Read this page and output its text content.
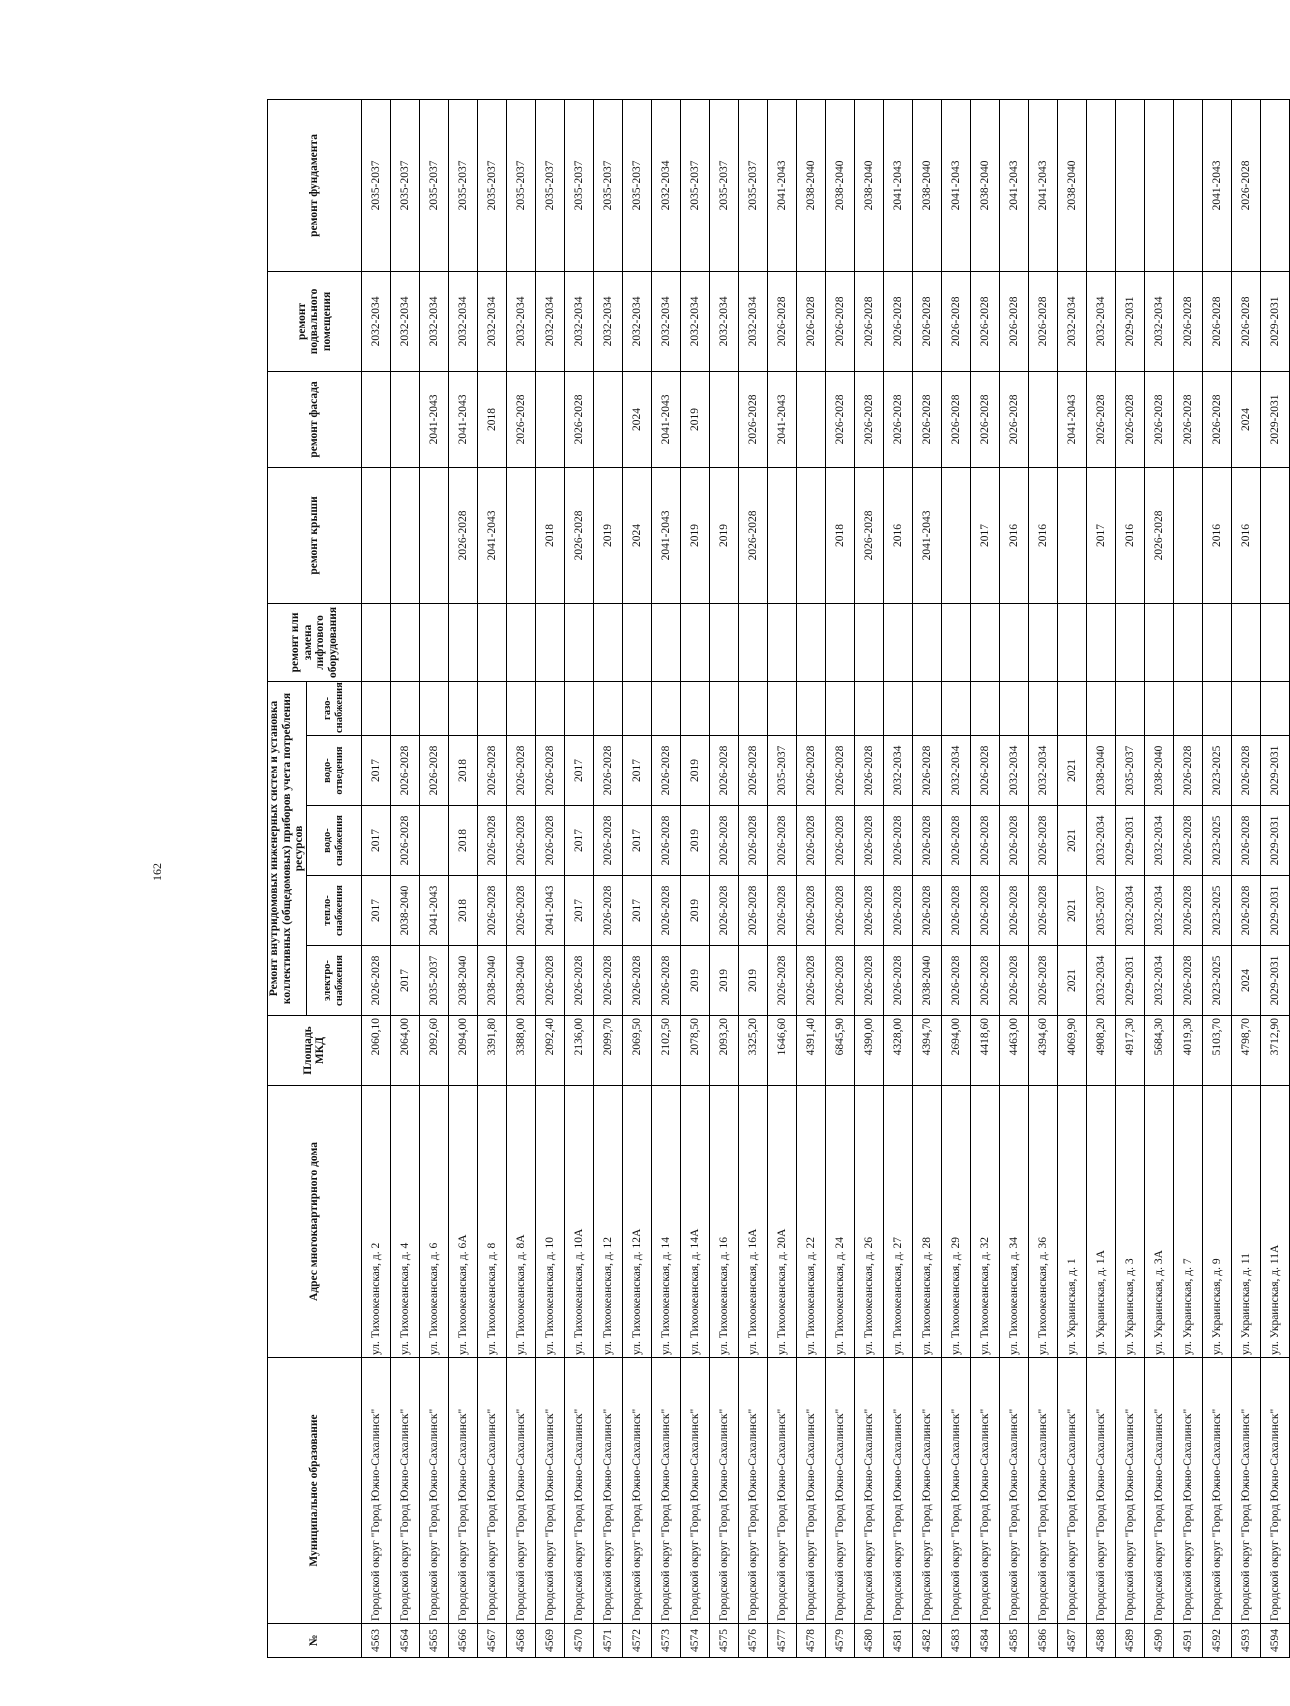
162
№	Муниципальное образование	Адрес многоквартирного дома	Площадь МКД	Ремонт внутридомовых инженерных систем и установка коллективных (общедомовых) приборов учета потребления ресурсов					ремонт или замена лифтового оборудования	ремонт крыши	ремонт фасада	ремонт подвального помещения	ремонт фундамента
				электро-снабжения	тепло-снабжения	водо-снабжения	водо-отведения	газо-снабжения					
4563	Городской округ "Город Южно-Сахалинск"	ул. Тихоокеанская, д. 2	2060,10	2026-2028	2017	2017	2017					2032-2034	2035-2037
4564	Городской округ "Город Южно-Сахалинск"	ул. Тихоокеанская, д. 4	2064,00	2017	2038-2040	2026-2028	2026-2028					2032-2034	2035-2037
4565	Городской округ "Город Южно-Сахалинск"	ул. Тихоокеанская, д. 6	2092,60	2035-2037	2041-2043		2026-2028				2041-2043	2032-2034	2035-2037
4566	Городской округ "Город Южно-Сахалинск"	ул. Тихоокеанская, д. 6А	2094,00	2038-2040	2018	2018	2018			2026-2028	2041-2043	2032-2034	2035-2037
4567	Городской округ "Город Южно-Сахалинск"	ул. Тихоокеанская, д. 8	3391,80	2038-2040	2026-2028	2026-2028	2026-2028			2041-2043	2018	2032-2034	2035-2037
4568	Городской округ "Город Южно-Сахалинск"	ул. Тихоокеанская, д. 8А	3388,00	2038-2040	2026-2028	2026-2028	2026-2028				2026-2028	2032-2034	2035-2037
4569	Городской округ "Город Южно-Сахалинск"	ул. Тихоокеанская, д. 10	2092,40	2026-2028	2041-2043	2026-2028	2026-2028			2018		2032-2034	2035-2037
4570	Городской округ "Город Южно-Сахалинск"	ул. Тихоокеанская, д. 10А	2136,00	2026-2028	2017	2017	2017			2026-2028	2026-2028	2032-2034	2035-2037
4571	Городской округ "Город Южно-Сахалинск"	ул. Тихоокеанская, д. 12	2099,70	2026-2028	2026-2028	2026-2028	2026-2028			2019		2032-2034	2035-2037
4572	Городской округ "Город Южно-Сахалинск"	ул. Тихоокеанская, д. 12А	2069,50	2026-2028	2017	2017	2017			2024	2024	2032-2034	2035-2037
4573	Городской округ "Город Южно-Сахалинск"	ул. Тихоокеанская, д. 14	2102,50	2026-2028	2026-2028	2026-2028	2026-2028			2041-2043	2041-2043	2032-2034	2032-2034
4574	Городской округ "Город Южно-Сахалинск"	ул. Тихоокеанская, д. 14А	2078,50	2019	2019	2019	2019			2019	2019	2032-2034	2035-2037
4575	Городской округ "Город Южно-Сахалинск"	ул. Тихоокеанская, д. 16	2093,20	2019	2026-2028	2026-2028	2026-2028			2019		2032-2034	2035-2037
4576	Городской округ "Город Южно-Сахалинск"	ул. Тихоокеанская, д. 16А	3325,20	2019	2026-2028	2026-2028	2026-2028			2026-2028	2026-2028	2032-2034	2035-2037
4577	Городской округ "Город Южно-Сахалинск"	ул. Тихоокеанская, д. 20А	1646,60	2026-2028	2026-2028	2026-2028	2035-2037				2041-2043	2026-2028	2041-2043
4578	Городской округ "Город Южно-Сахалинск"	ул. Тихоокеанская, д. 22	4391,40	2026-2028	2026-2028	2026-2028	2026-2028					2026-2028	2038-2040
4579	Городской округ "Город Южно-Сахалинск"	ул. Тихоокеанская, д. 24	6845,90	2026-2028	2026-2028	2026-2028	2026-2028			2018	2026-2028	2026-2028	2038-2040
4580	Городской округ "Город Южно-Сахалинск"	ул. Тихоокеанская, д. 26	4390,00	2026-2028	2026-2028	2026-2028	2026-2028			2026-2028	2026-2028	2026-2028	2038-2040
4581	Городской округ "Город Южно-Сахалинск"	ул. Тихоокеанская, д. 27	4328,00	2026-2028	2026-2028	2026-2028	2032-2034			2016	2026-2028	2026-2028	2041-2043
4582	Городской округ "Город Южно-Сахалинск"	ул. Тихоокеанская, д. 28	4394,70	2038-2040	2026-2028	2026-2028	2026-2028			2041-2043	2026-2028	2026-2028	2038-2040
4583	Городской округ "Город Южно-Сахалинск"	ул. Тихоокеанская, д. 29	2694,00	2026-2028	2026-2028	2026-2028	2032-2034				2026-2028	2026-2028	2041-2043
4584	Городской округ "Город Южно-Сахалинск"	ул. Тихоокеанская, д. 32	4418,60	2026-2028	2026-2028	2026-2028	2026-2028			2017	2026-2028	2026-2028	2038-2040
4585	Городской округ "Город Южно-Сахалинск"	ул. Тихоокеанская, д. 34	4463,00	2026-2028	2026-2028	2026-2028	2032-2034			2016	2026-2028	2026-2028	2041-2043
4586	Городской округ "Город Южно-Сахалинск"	ул. Тихоокеанская, д. 36	4394,60	2026-2028	2026-2028	2026-2028	2032-2034			2016		2026-2028	2041-2043
4587	Городской округ "Город Южно-Сахалинск"	ул. Украинская, д. 1	4069,90	2021	2021	2021	2021				2041-2043	2032-2034	2038-2040
4588	Городской округ "Город Южно-Сахалинск"	ул. Украинская, д. 1А	4908,20	2032-2034	2035-2037	2032-2034	2038-2040			2017	2026-2028	2032-2034	
4589	Городской округ "Город Южно-Сахалинск"	ул. Украинская, д. 3	4917,30	2029-2031	2032-2034	2029-2031	2035-2037			2016	2026-2028	2029-2031	
4590	Городской округ "Город Южно-Сахалинск"	ул. Украинская, д. 3А	5684,30	2032-2034	2032-2034	2032-2034	2038-2040			2026-2028	2026-2028	2032-2034	
4591	Городской округ "Город Южно-Сахалинск"	ул. Украинская, д. 7	4019,30	2026-2028	2026-2028	2026-2028	2026-2028				2026-2028	2026-2028	
4592	Городской округ "Город Южно-Сахалинск"	ул. Украинская, д. 9	5103,70	2023-2025	2023-2025	2023-2025	2023-2025			2016	2026-2028	2026-2028	2041-2043
4593	Городской округ "Город Южно-Сахалинск"	ул. Украинская, д. 11	4798,70	2024	2026-2028	2026-2028	2026-2028			2016	2024	2026-2028	2026-2028
4594	Городской округ "Город Южно-Сахалинск"	ул. Украинская, д. 11А	3712,90	2029-2031	2029-2031	2029-2031	2029-2031				2029-2031	2029-2031	
